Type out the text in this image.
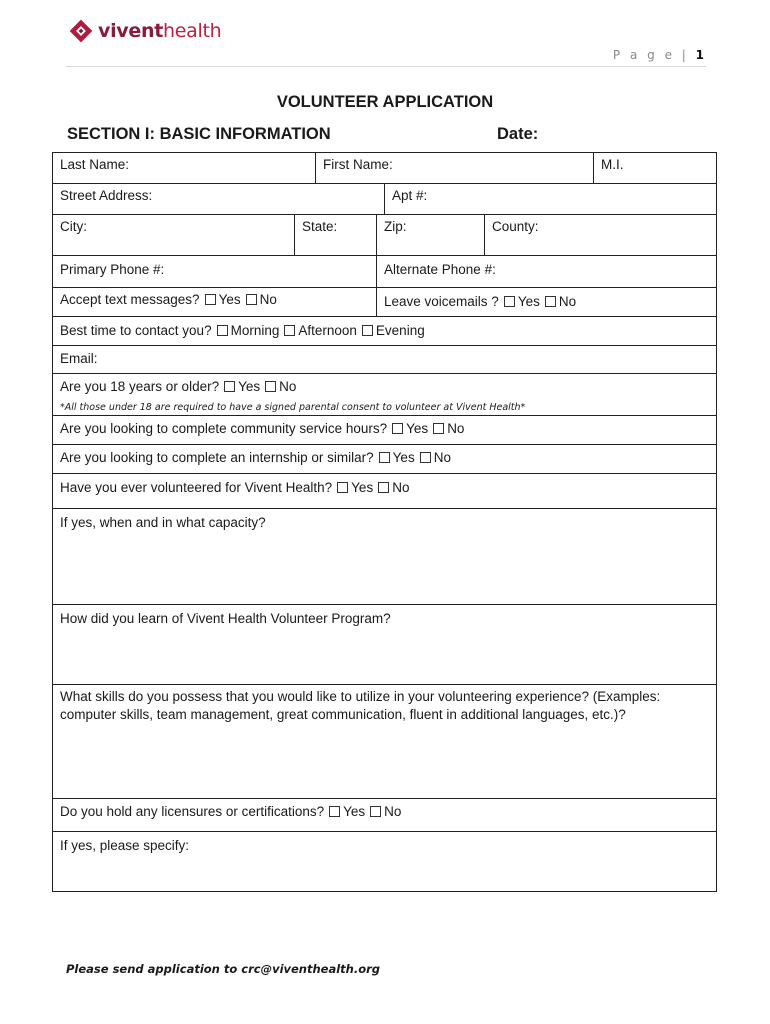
viventhealth
P a g e | 1
VOLUNTEER APPLICATION
SECTION I: BASIC INFORMATION	Date:
Last Name:	First Name:	M.I.
Street Address:	Apt #:
City:	State:	Zip:	County:
Primary Phone #:	Alternate Phone #:
Accept text messages? Yes No	Leave voicemails ? Yes No
Best time to contact you? Morning Afternoon Evening
Email:
Are you 18 years or older? Yes No
*All those under 18 are required to have a signed parental consent to volunteer at Vivent Health*
Are you looking to complete community service hours? Yes No
Are you looking to complete an internship or similar? Yes No
Have you ever volunteered for Vivent Health? Yes No
If yes, when and in what capacity?
How did you learn of Vivent Health Volunteer Program?
What skills do you possess that you would like to utilize in your volunteering experience? (Examples: computer skills, team management, great communication, fluent in additional languages, etc.)?
Do you hold any licensures or certifications? Yes No
If yes, please specify:
Please send application to crc@viventhealth.org
